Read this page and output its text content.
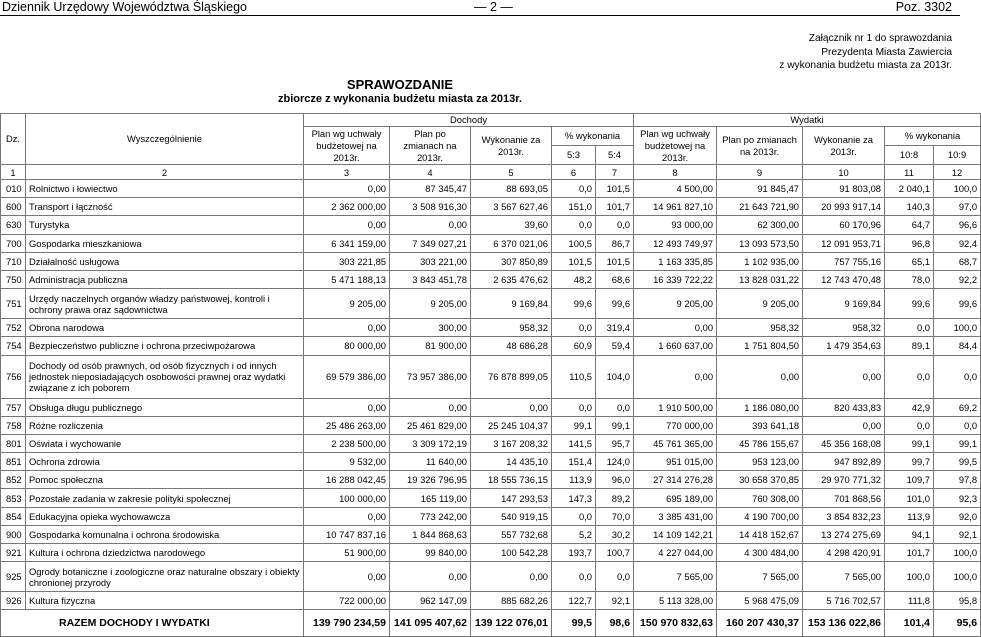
Dziennik Urzędowy Województwa Śląskiego	— 2 —	Poz. 3302
Załącznik nr 1 do sprawozdania
Prezydenta Miasta Zawiercia
z wykonania budżetu miasta za 2013r.
SPRAWOZDANIE
zbiorcze z wykonania budżetu miasta za 2013r.
Dz.	Wyszczególnienie	Dochody					Wydatki				
		Plan wg uchwały budżetowej na 2013r.	Plan po zmianach na 2013r.	Wykonanie za 2013r.	% wykonania		Plan wg uchwały budżetowej na 2013r.	Plan po zmianach na 2013r.	Wykonanie za 2013r.	% wykonania	
					5:3	5:4				10:8	10:9
1	2	3	4	5	6	7	8	9	10	11	12
010	Rolnictwo i łowiectwo	0,00	87 345,47	88 693,05	0,0	101,5	4 500,00	91 845,47	91 803,08	2 040,1	100,0
600	Transport i łączność	2 362 000,00	3 508 916,30	3 567 627,46	151,0	101,7	14 961 827,10	21 643 721,90	20 993 917,14	140,3	97,0
630	Turystyka	0,00	0,00	39,60	0,0	0,0	93 000,00	62 300,00	60 170,96	64,7	96,6
700	Gospodarka mieszkaniowa	6 341 159,00	7 349 027,21	6 370 021,06	100,5	86,7	12 493 749,97	13 093 573,50	12 091 953,71	96,8	92,4
710	Działalność usługowa	303 221,85	303 221,00	307 850,89	101,5	101,5	1 163 335,85	1 102 935,00	757 755,16	65,1	68,7
750	Administracja publiczna	5 471 188,13	3 843 451,78	2 635 476,62	48,2	68,6	16 339 722,22	13 828 031,22	12 743 470,48	78,0	92,2
751	Urzędy naczelnych organów władzy państwowej, kontroli i ochrony prawa oraz sądownictwa	9 205,00	9 205,00	9 169,84	99,6	99,6	9 205,00	9 205,00	9 169,84	99,6	99,6
752	Obrona narodowa	0,00	300,00	958,32	0,0	319,4	0,00	958,32	958,32	0,0	100,0
754	Bezpieczeństwo publiczne i ochrona przeciwpożarowa	80 000,00	81 900,00	48 686,28	60,9	59,4	1 660 637,00	1 751 804,50	1 479 354,63	89,1	84,4
756	Dochody od osób prawnych, od osób fizycznych i od innych jednostek nieposiadających osobowości prawnej oraz wydatki związane z ich poborem	69 579 386,00	73 957 386,00	76 878 899,05	110,5	104,0	0,00	0,00	0,00	0,0	0,0
757	Obsługa długu publicznego	0,00	0,00	0,00	0,0	0,0	1 910 500,00	1 186 080,00	820 433,83	42,9	69,2
758	Różne rozliczenia	25 486 263,00	25 461 829,00	25 245 104,37	99,1	99,1	770 000,00	393 641,18	0,00	0,0	0,0
801	Oświata i wychowanie	2 238 500,00	3 309 172,19	3 167 208,32	141,5	95,7	45 761 365,00	45 786 155,67	45 356 168,08	99,1	99,1
851	Ochrona zdrowia	9 532,00	11 640,00	14 435,10	151,4	124,0	951 015,00	953 123,00	947 892,89	99,7	99,5
852	Pomoc społeczna	16 288 042,45	19 326 796,95	18 555 736,15	113,9	96,0	27 314 276,28	30 658 370,85	29 970 771,32	109,7	97,8
853	Pozostałe zadania w zakresie polityki społecznej	100 000,00	165 119,00	147 293,53	147,3	89,2	695 189,00	760 308,00	701 868,56	101,0	92,3
854	Edukacyjna opieka wychowawcza	0,00	773 242,00	540 919,15	0,0	70,0	3 385 431,00	4 190 700,00	3 854 832,23	113,9	92,0
900	Gospodarka komunalna i ochrona środowiska	10 747 837,16	1 844 868,63	557 732,68	5,2	30,2	14 109 142,21	14 418 152,67	13 274 275,69	94,1	92,1
921	Kultura i ochrona dziedzictwa narodowego	51 900,00	99 840,00	100 542,28	193,7	100,7	4 227 044,00	4 300 484,00	4 298 420,91	101,7	100,0
925	Ogrody botaniczne i zoologiczne oraz naturalne obszary i obiekty chronionej przyrody	0,00	0,00	0,00	0,0	0,0	7 565,00	7 565,00	7 565,00	100,0	100,0
926	Kultura fizyczna	722 000,00	962 147,09	885 682,26	122,7	92,1	5 113 328,00	5 968 475,09	5 716 702,57	111,8	95,8
RAZEM DOCHODY I WYDATKI		139 790 234,59	141 095 407,62	139 122 076,01	99,5	98,6	150 970 832,63	160 207 430,37	153 136 022,86	101,4	95,6
